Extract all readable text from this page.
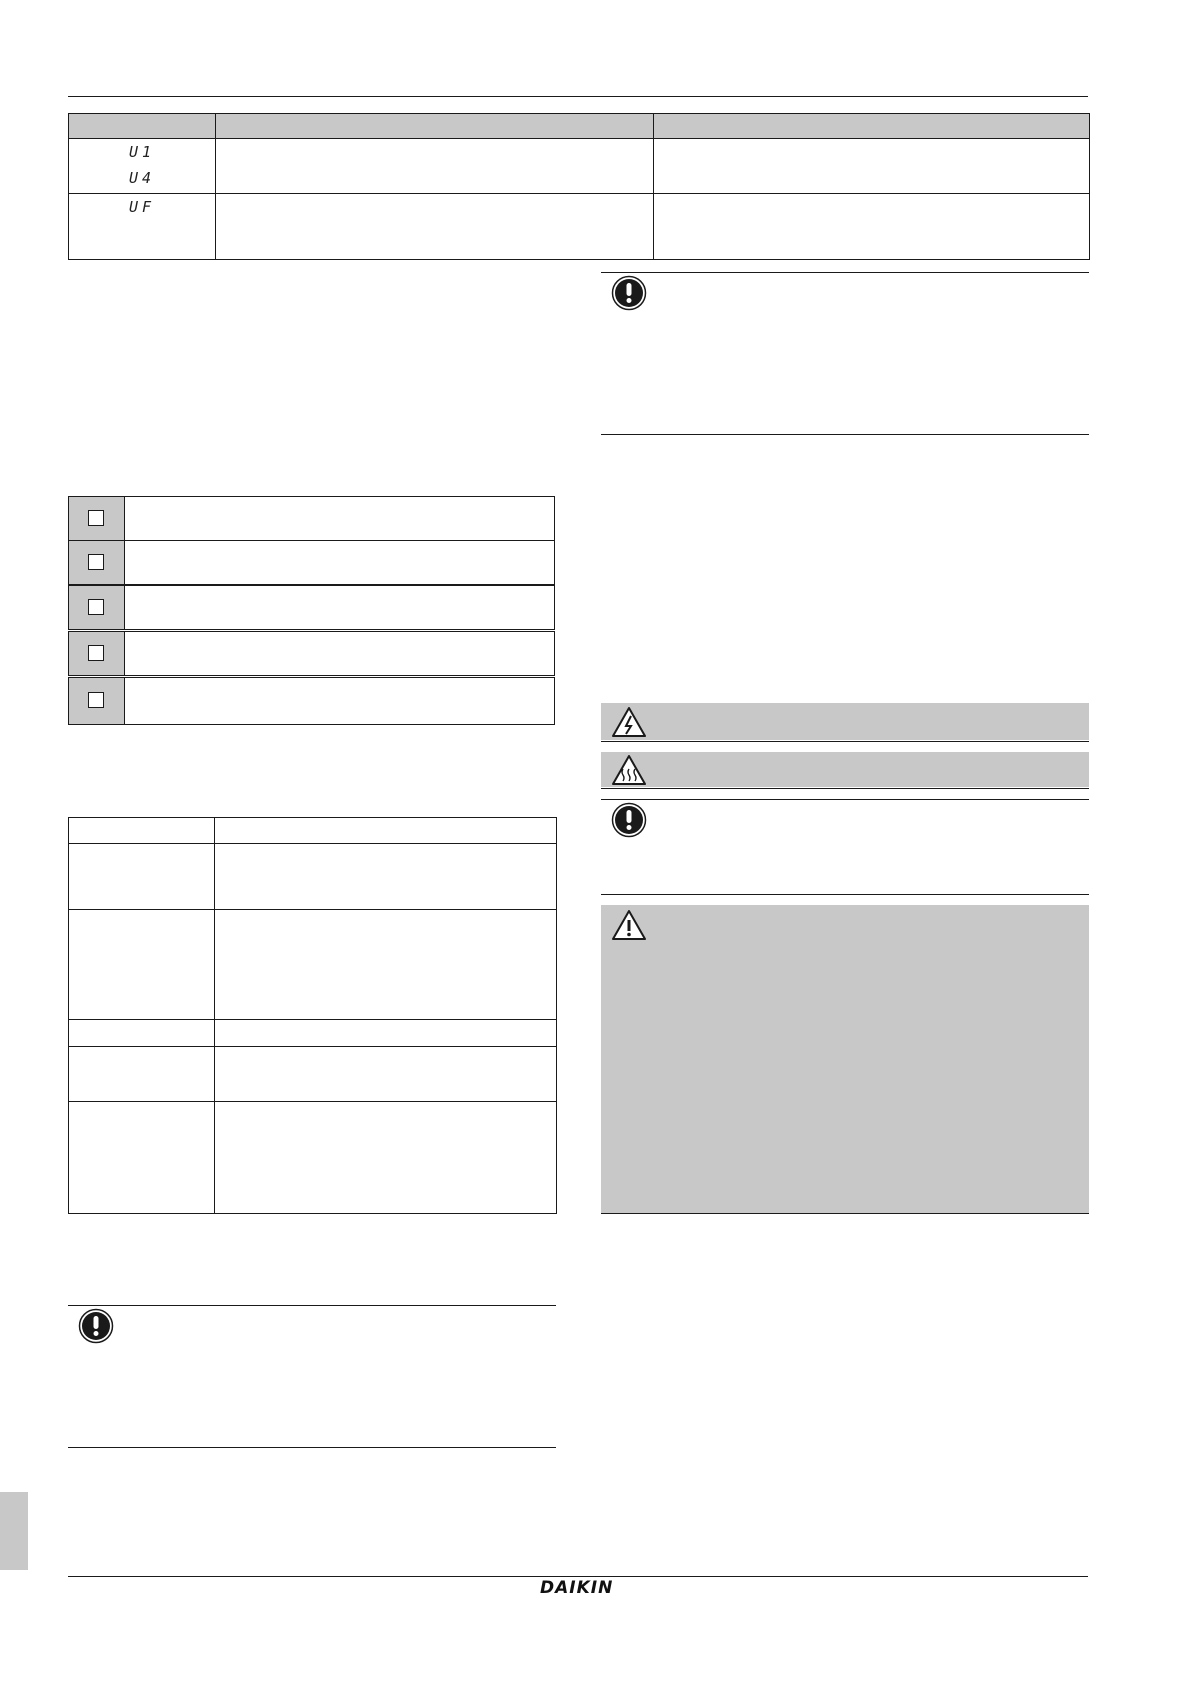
U1
U4		

UF		

DAIKIN
